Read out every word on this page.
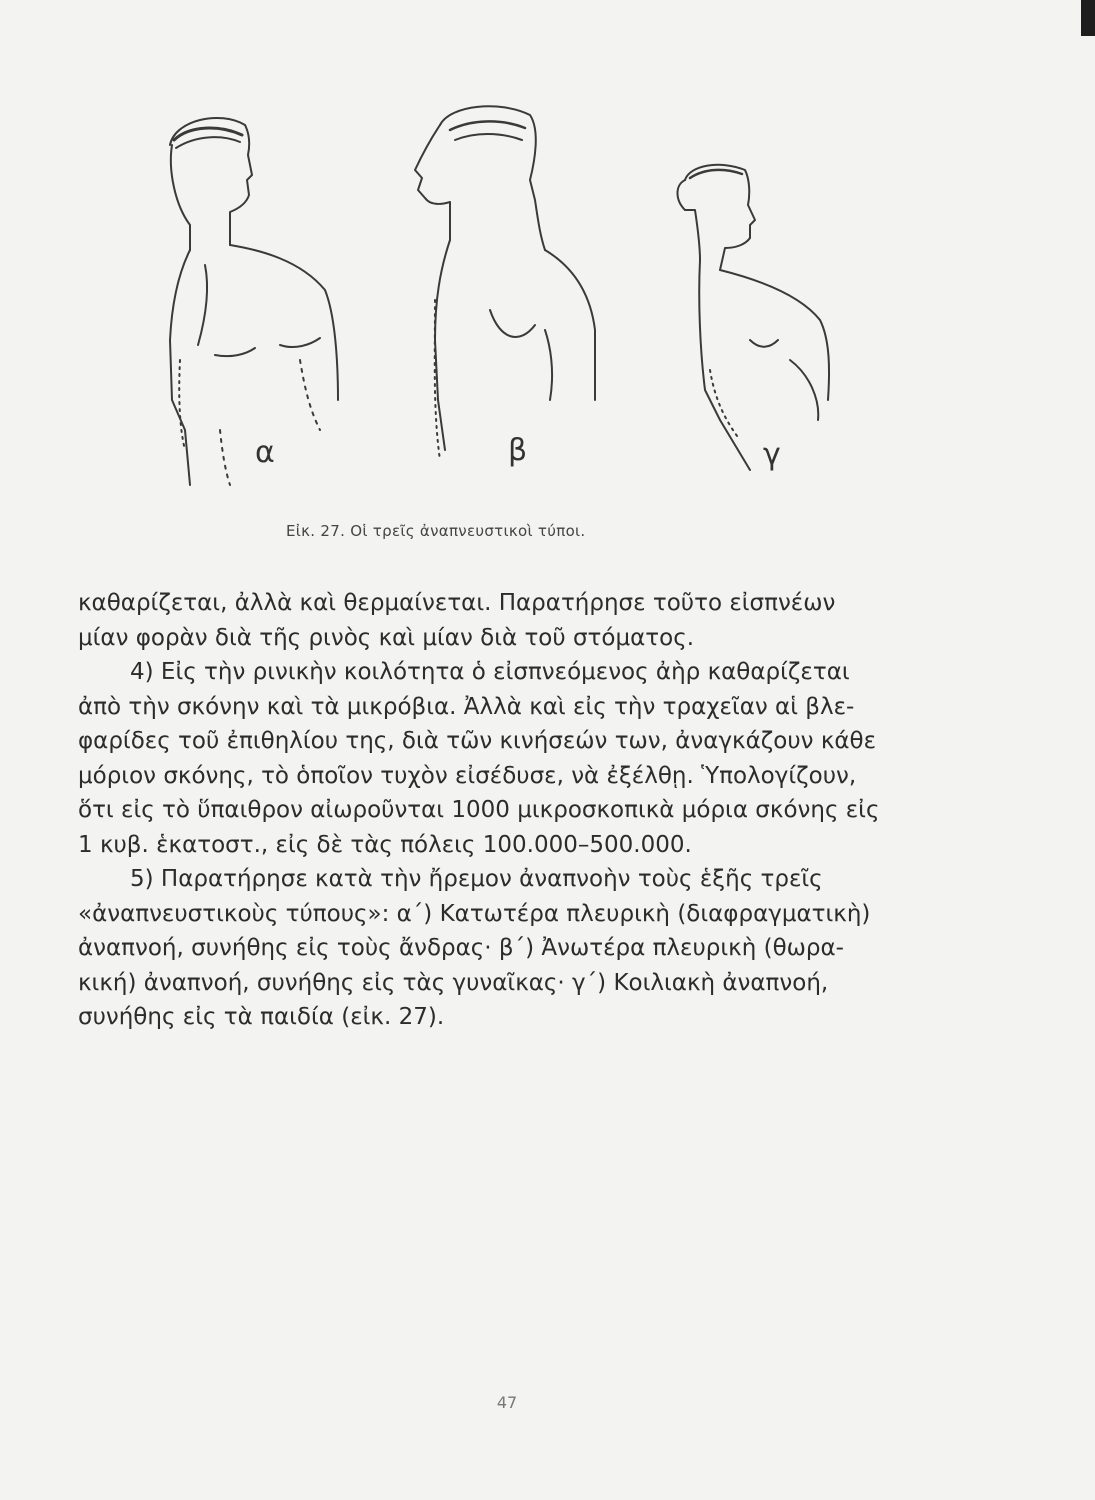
α	β	γ
Εἰκ. 27. Οἱ τρεῖς ἀναπνευστικοὶ τύποι.

καθαρίζεται, ἀλλὰ καὶ θερμαίνεται. Παρατήρησε τοῦτο εἰσπνέων

μίαν φορὰν διὰ τῆς ρινὸς καὶ μίαν διὰ τοῦ στόματος.

4) Εἰς τὴν ρινικὴν κοιλότητα ὁ εἰσπνεόμενος ἀὴρ καθαρίζεται

ἀπὸ τὴν σκόνην καὶ τὰ μικρόβια. Ἀλλὰ καὶ εἰς τὴν τραχεῖαν αἱ βλε-

φαρίδες τοῦ ἐπιθηλίου της, διὰ τῶν κινήσεών των, ἀναγκάζουν κάθε

μόριον σκόνης, τὸ ὁποῖον τυχὸν εἰσέδυσε, νὰ ἐξέλθῃ. Ὑπολογίζουν,

ὅτι εἰς τὸ ὕπαιθρον αἰωροῦνται 1000 μικροσκοπικὰ μόρια σκόνης εἰς

1 κυβ. ἑκατοστ., εἰς δὲ τὰς πόλεις 100.000–500.000.

5) Παρατήρησε κατὰ τὴν ἤρεμον ἀναπνοὴν τοὺς ἑξῆς τρεῖς

«ἀναπνευστικοὺς τύπους»: α´) Κατωτέρα πλευρικὴ (διαφραγματικὴ)

ἀναπνοή, συνήθης εἰς τοὺς ἄνδρας· β´) Ἀνωτέρα πλευρικὴ (θωρα-

κική) ἀναπνοή, συνήθης εἰς τὰς γυναῖκας· γ´) Κοιλιακὴ ἀναπνοή,

συνήθης εἰς τὰ παιδία (εἰκ. 27).

47
